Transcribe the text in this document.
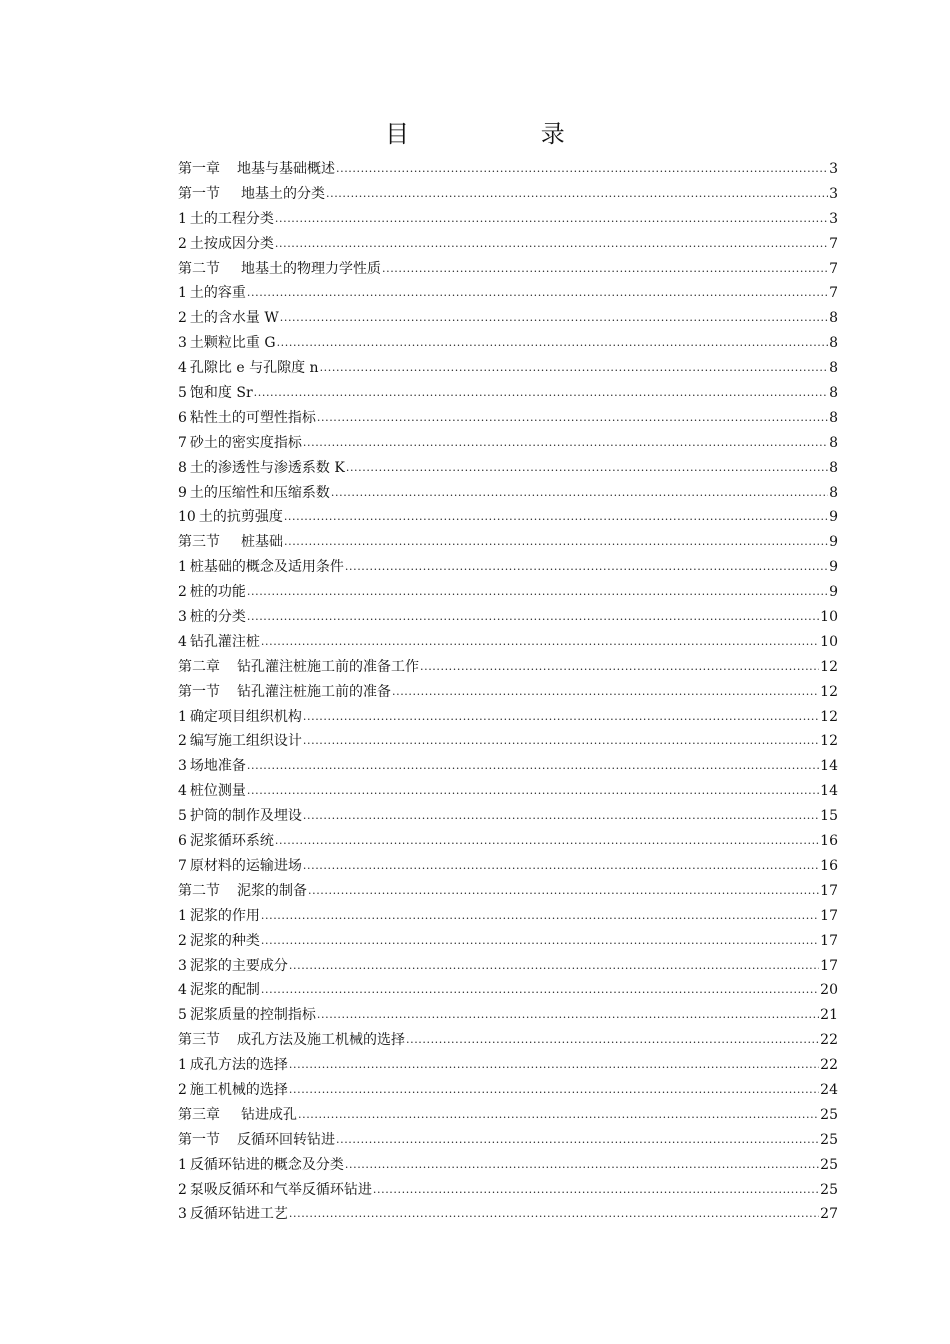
目 录
第一章 地基与基础概述 .....	3
第一节 地基土的分类 .....	3
1 土的工程分类 .....	3
2 土按成因分类 .....	7
第二节 地基土的物理力学性质 .....	7
1 土的容重 .....	7
2 土的含水量 W .....	8
3 土颗粒比重 G .....	8
4 孔隙比 e 与孔隙度 n .....	8
5 饱和度 Sr .....	8
6 粘性土的可塑性指标 .....	8
7 砂土的密实度指标 .....	8
8 土的渗透性与渗透系数 K .....	8
9 土的压缩性和压缩系数 .....	8
10 土的抗剪强度 .....	9
第三节 桩基础 .....	9
1 桩基础的概念及适用条件 .....	9
2 桩的功能 .....	9
3 桩的分类 .....	10
4 钻孔灌注桩 .....	10
第二章 钻孔灌注桩施工前的准备工作 .....	12
第一节 钻孔灌注桩施工前的准备 .....	12
1 确定项目组织机构 .....	12
2 编写施工组织设计 .....	12
3 场地准备 .....	14
4 桩位测量 .....	14
5 护筒的制作及埋设 .....	15
6 泥浆循环系统 .....	16
7 原材料的运输进场 .....	16
第二节 泥浆的制备 .....	17
1 泥浆的作用 .....	17
2 泥浆的种类 .....	17
3 泥浆的主要成分 .....	17
4 泥浆的配制 .....	20
5 泥浆质量的控制指标 .....	21
第三节 成孔方法及施工机械的选择 .....	22
1 成孔方法的选择 .....	22
2 施工机械的选择 .....	24
第三章 钻进成孔 .....	25
第一节 反循环回转钻进 .....	25
1 反循环钻进的概念及分类 .....	25
2 泵吸反循环和气举反循环钻进 .....	25
3 反循环钻进工艺 .....	27
